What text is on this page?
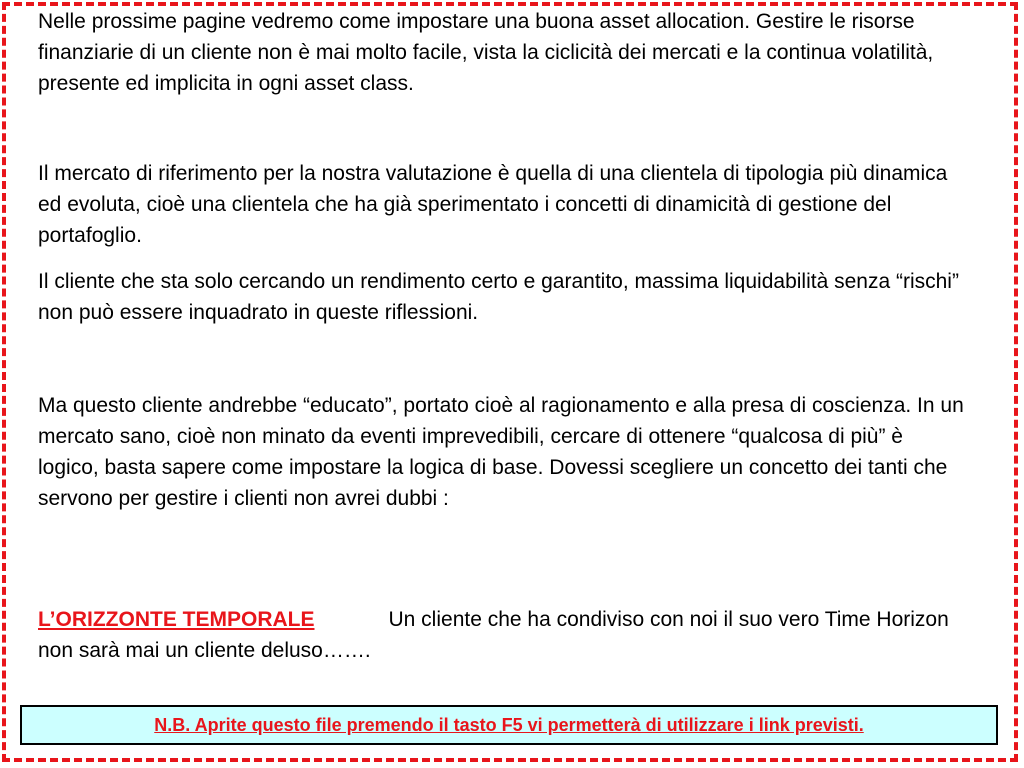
Nelle prossime pagine vedremo come impostare una buona asset allocation. Gestire le risorse finanziarie di un cliente non è mai molto facile, vista la ciclicità dei mercati e la continua volatilità, presente ed implicita in ogni asset class.

Il mercato di riferimento per la nostra valutazione è quella di una clientela di tipologia più dinamica ed evoluta, cioè una clientela che ha già sperimentato i concetti di dinamicità di gestione del portafoglio.

Il cliente che sta solo cercando un rendimento certo e garantito, massima liquidabilità senza “rischi” non può essere inquadrato in queste riflessioni.

Ma questo cliente andrebbe “educato”, portato cioè al ragionamento e alla presa di coscienza. In un mercato sano, cioè non minato da eventi imprevedibili, cercare di ottenere “qualcosa di più” è logico, basta sapere come impostare la logica di base. Dovessi scegliere un concetto dei tanti che servono per gestire i clienti non avrei dubbi :

L’ORIZZONTE TEMPORALE	Un cliente che ha condiviso con noi il suo vero Time Horizon non sarà mai un cliente deluso…….

N.B. Aprite questo file premendo il tasto F5 vi permetterà di utilizzare i link previsti.
